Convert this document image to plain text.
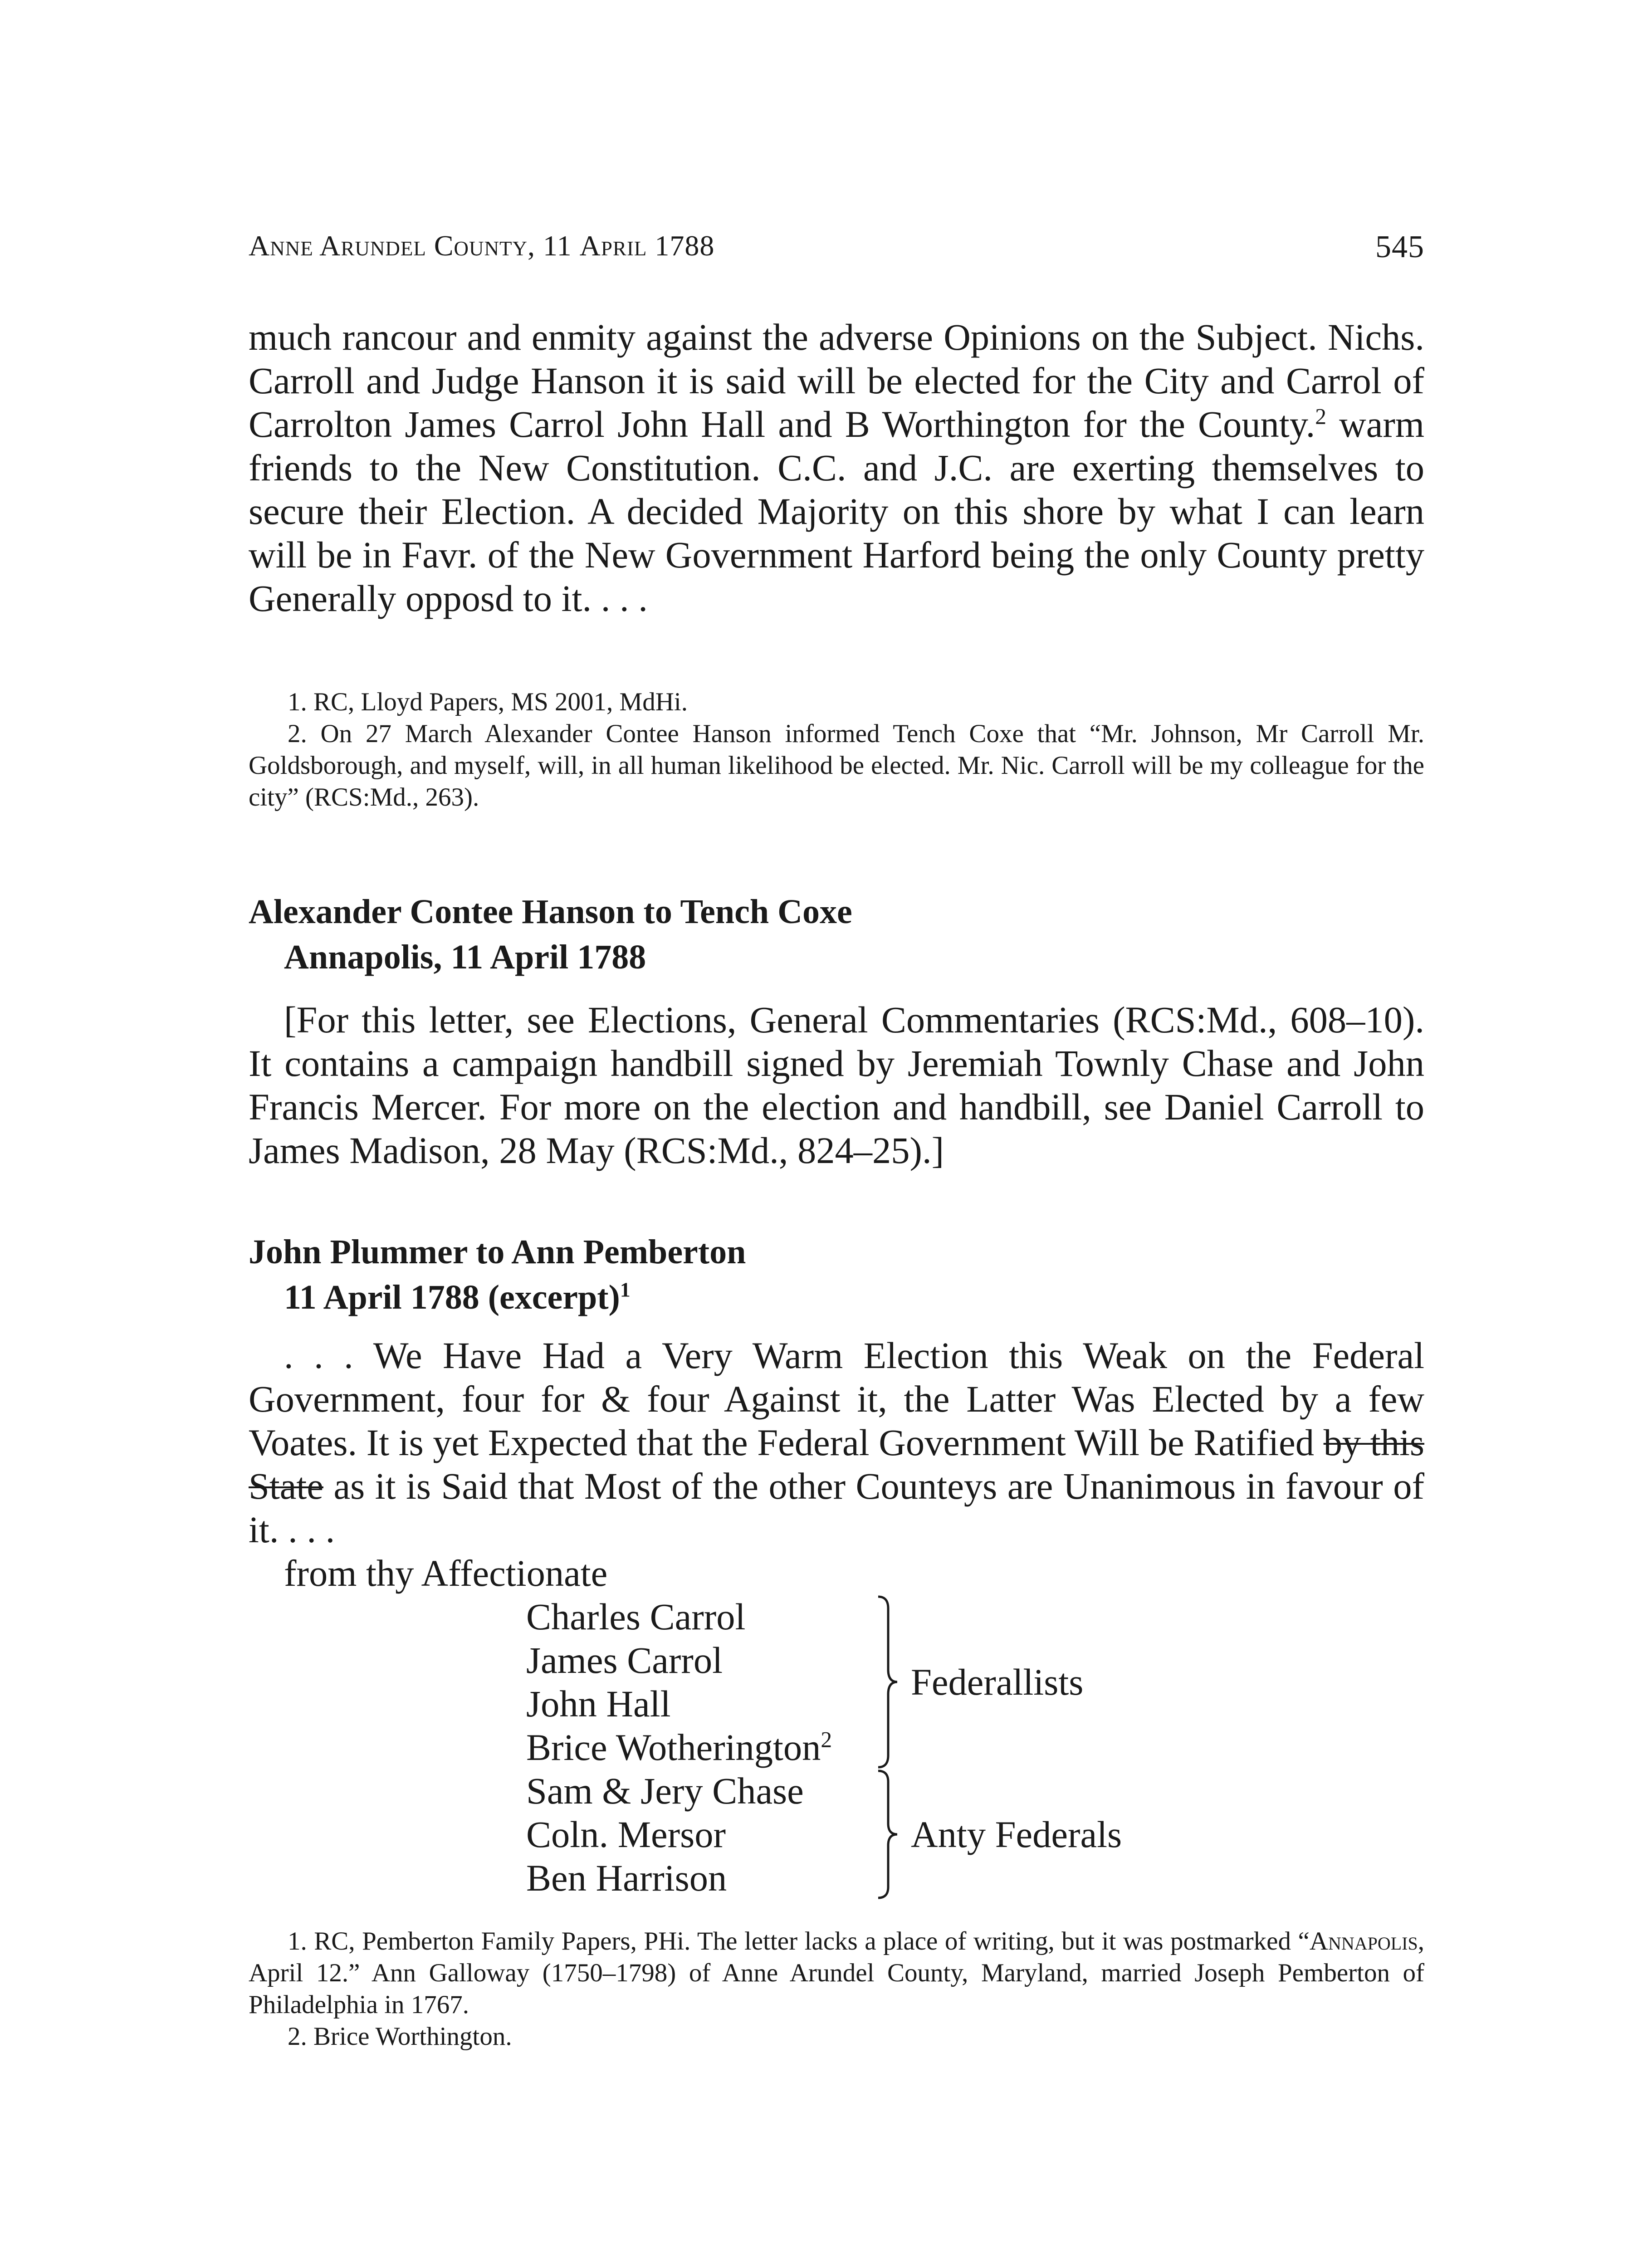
Anne Arundel County, 11 April 1788	545

much rancour and enmity against the adverse Opinions on the Subject. Nichs. Carroll and Judge Hanson it is said will be elected for the City and Carrol of Carrolton James Carrol John Hall and B Worthington for the County.$^2$ warm friends to the New Constitution. C.C. and J.C. are exerting themselves to secure their Election. A decided Majority on this shore by what I can learn will be in Favr. of the New Government Harford being the only County pretty Generally opposd to it. . . .

1. RC, Lloyd Papers, MS 2001, MdHi.

2. On 27 March Alexander Contee Hanson informed Tench Coxe that “Mr. Johnson, Mr Carroll Mr. Goldsborough, and myself, will, in all human likelihood be elected. Mr. Nic. Carroll will be my colleague for the city” (RCS:Md., 263).

Alexander Contee Hanson to Tench Coxe
Annapolis, 11 April 1788

[For this letter, see Elections, General Commentaries (RCS:Md., 608–10). It contains a campaign handbill signed by Jeremiah Townly Chase and John Francis Mercer. For more on the election and handbill, see Daniel Carroll to James Madison, 28 May (RCS:Md., 824–25).]

John Plummer to Ann Pemberton
11 April 1788 (excerpt)$^1$

. . . We Have Had a Very Warm Election this Weak on the Federal Government, four for & four Against it, the Latter Was Elected by a few Voates. It is yet Expected that the Federal Government Will be Ratified by this State as it is Said that Most of the other Counteys are Unanimous in favour of it. . . .

from thy Affectionate
Charles Carrol
James Carrol
John Hall
Brice Wotherington$^2$
Federallists
Sam & Jery Chase
Coln. Mersor
Ben Harrison
Anty Federals

1. RC, Pemberton Family Papers, PHi. The letter lacks a place of writing, but it was postmarked “Annapolis, April 12.” Ann Galloway (1750–1798) of Anne Arundel County, Maryland, married Joseph Pemberton of Philadelphia in 1767.

2. Brice Worthington.
